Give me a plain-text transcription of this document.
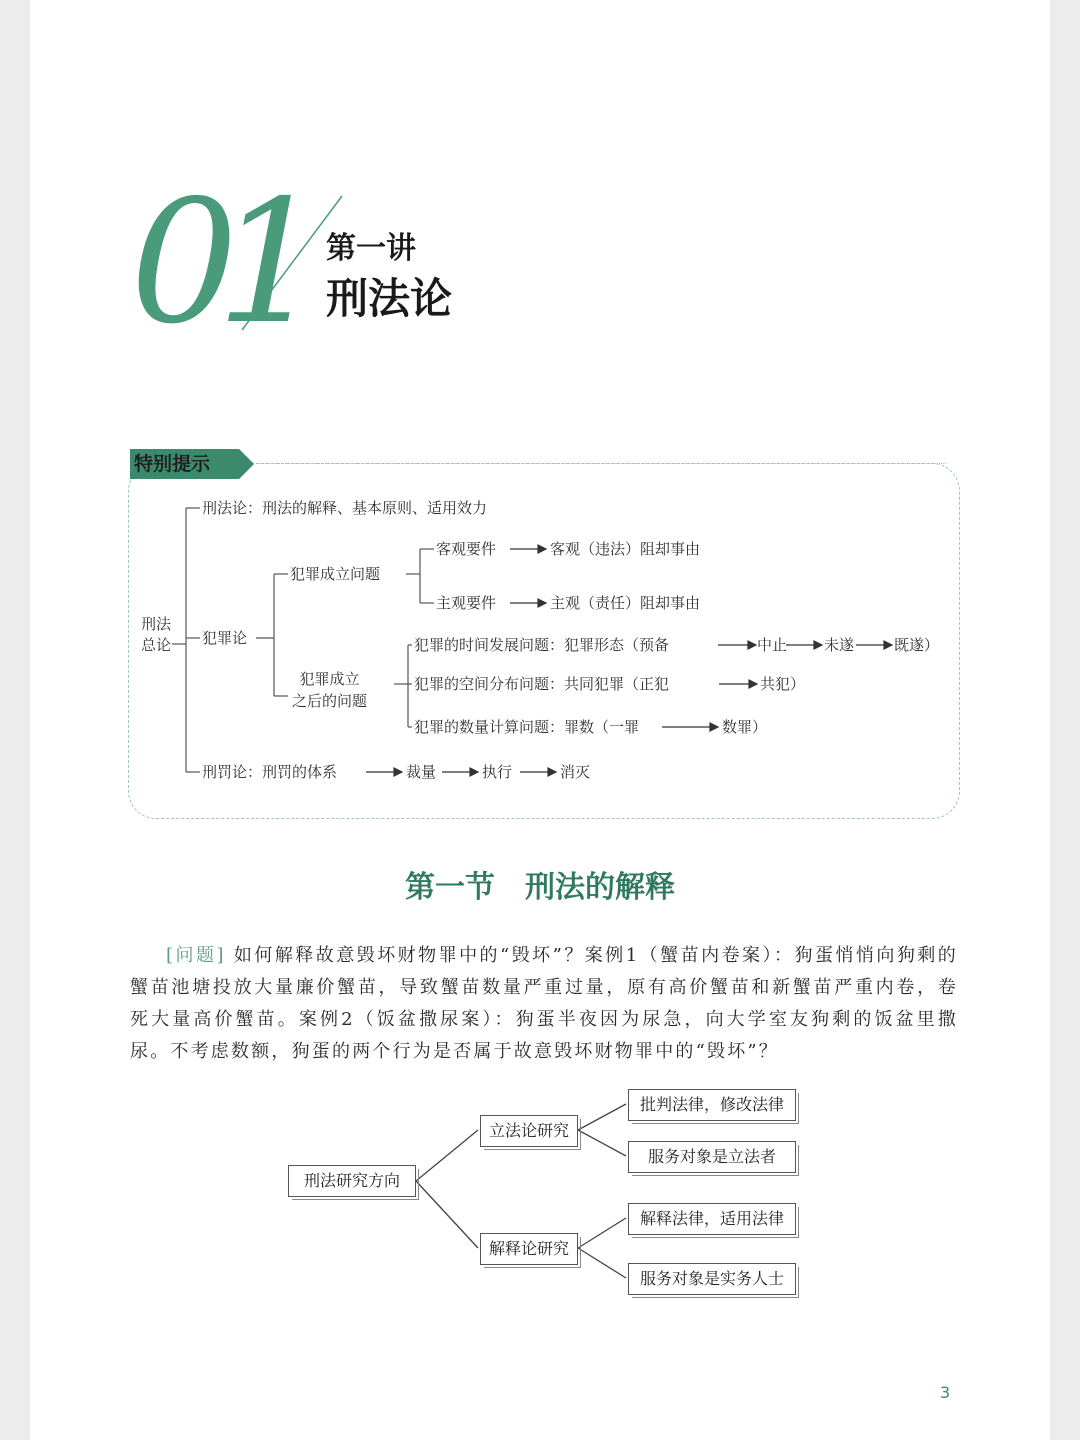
01 第一讲
刑法论
特别提示
刑法
总论
刑法论：刑法的解释、基本原则、适用效力
犯罪论
犯罪成立问题
客观要件	客观（违法）阻却事由
主观要件	主观（责任）阻却事由
犯罪成立
之后的问题
犯罪的时间发展问题：犯罪形态（预备	中止 未遂	既遂）
犯罪的空间分布问题：共同犯罪（正犯	共犯）
犯罪的数量计算问题：罪数（一罪	数罪）
刑罚论：刑罚的体系	裁量	执行	消灭
第一节　刑法的解释
[问题] 如何解释故意毁坏财物罪中的“毁坏”？案例1（蟹苗内卷案）：狗蛋悄悄向狗剩的蟹苗池塘投放大量廉价蟹苗，导致蟹苗数量严重过量，原有高价蟹苗和新蟹苗严重内卷，卷死大量高价蟹苗。案例2（饭盆撒尿案）：狗蛋半夜因为尿急，向大学室友狗剩的饭盆里撒尿。不考虑数额，狗蛋的两个行为是否属于故意毁坏财物罪中的“毁坏”？
刑法研究方向
立法论研究
解释论研究
批判法律，修改法律
服务对象是立法者
解释法律，适用法律
服务对象是实务人士
3
